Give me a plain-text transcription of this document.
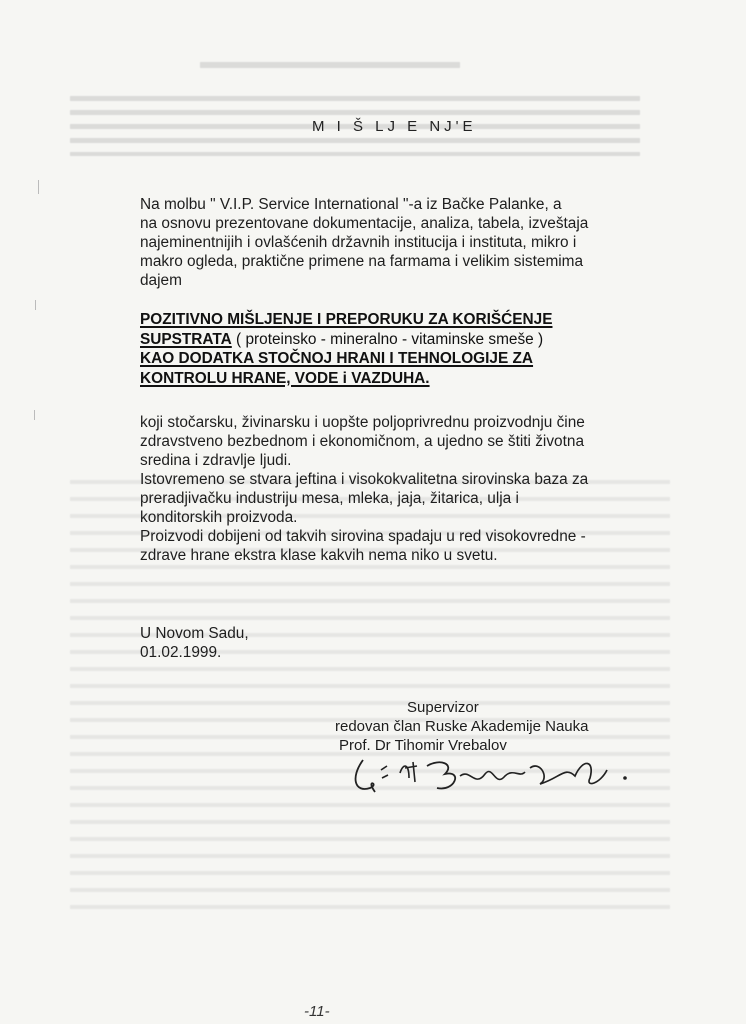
M I Š LJ E NJ'E
Na molbu " V.I.P. Service International "-a iz Bačke Palanke, a
na osnovu prezentovane dokumentacije, analiza, tabela, izveštaja
najeminentnijih i ovlašćenih državnih institucija i instituta, mikro i
makro ogleda, praktične primene na farmama i velikim sistemima
dajem
POZITIVNO MIŠLJENJE I PREPORUKU ZA KORIŠĆENJE
SUPSTRATA ( proteinsko - mineralno - vitaminske smeše )
KAO DODATKA STOČNOJ HRANI I TEHNOLOGIJE ZA
KONTROLU HRANE, VODE i VAZDUHA.
koji stočarsku, živinarsku i uopšte poljoprivrednu proizvodnju čine
zdravstveno bezbednom i ekonomičnom, a ujedno se štiti životna
sredina i zdravlje ljudi.
Istovremeno se stvara jeftina i visokokvalitetna sirovinska baza za
preradjivačku industriju mesa, mleka, jaja, žitarica, ulja i
konditorskih proizvoda.
Proizvodi dobijeni od takvih sirovina spadaju u red visokovredne -
zdrave hrane ekstra klase kakvih nema niko u svetu.
U Novom Sadu,
01.02.1999.
Supervizor
redovan član Ruske Akademije Nauka
Prof. Dr Tihomir Vrebalov
-11-
